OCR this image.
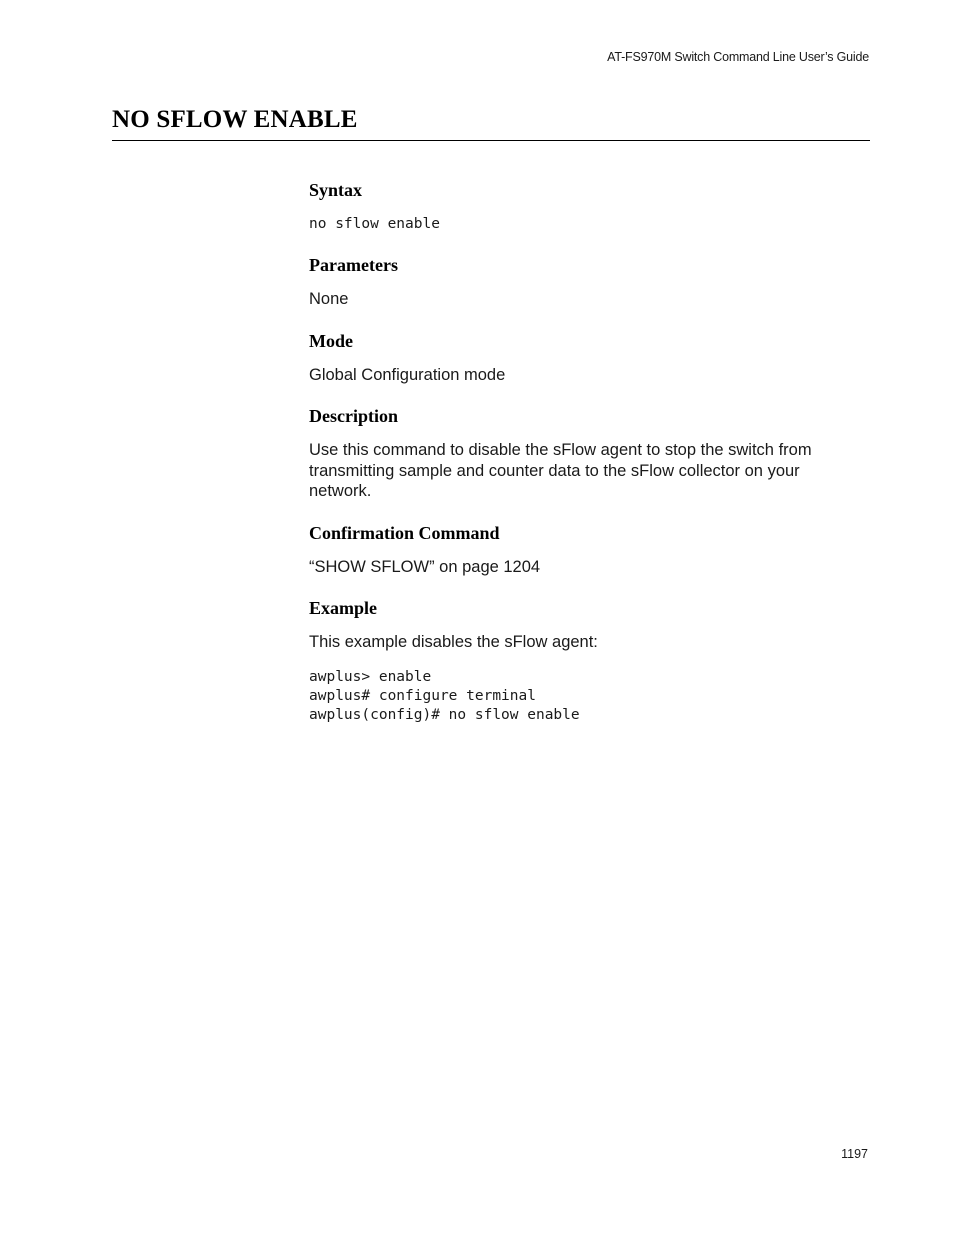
AT-FS970M Switch Command Line User’s Guide
NO SFLOW ENABLE
Syntax

no sflow enable

Parameters

None

Mode

Global Configuration mode

Description

Use this command to disable the sFlow agent to stop the switch from

transmitting sample and counter data to the sFlow collector on your

network.

Confirmation Command

“SHOW SFLOW” on page 1204

Example

This example disables the sFlow agent:

awplus> enable

awplus# configure terminal

awplus(config)# no sflow enable

1197
